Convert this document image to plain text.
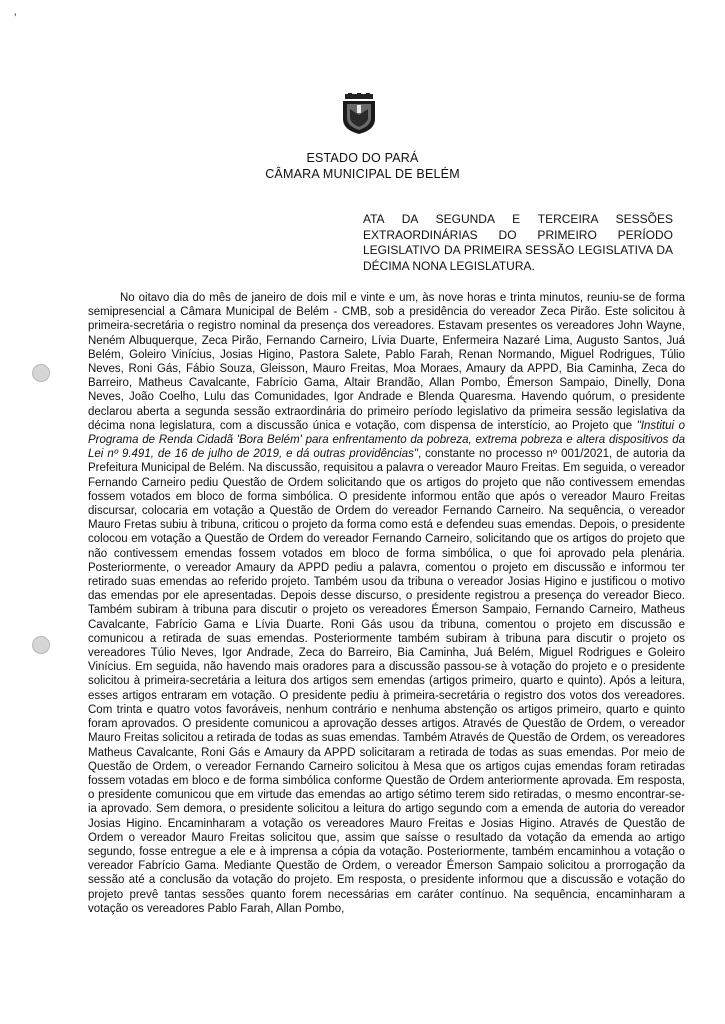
’
ESTADO DO PARÁ
CÂMARA MUNICIPAL DE BELÉM
ATA DA SEGUNDA E TERCEIRA SESSÕES EXTRAORDINÁRIAS DO PRIMEIRO PERÍODO LEGISLATIVO DA PRIMEIRA SESSÃO LEGISLATIVA DA DÉCIMA NONA LEGISLATURA.

No oitavo dia do mês de janeiro de dois mil e vinte e um, às nove horas e trinta minutos, reuniu-se de forma semipresencial a Câmara Municipal de Belém - CMB, sob a presidência do vereador Zeca Pirão. Este solicitou à primeira-secretária o registro nominal da presença dos vereadores. Estavam presentes os vereadores John Wayne, Neném Albuquerque, Zeca Pirão, Fernando Carneiro, Lívia Duarte, Enfermeira Nazaré Lima, Augusto Santos, Juá Belém, Goleiro Vinícius, Josias Higino, Pastora Salete, Pablo Farah, Renan Normando, Miguel Rodrigues, Túlio Neves, Roni Gás, Fábio Souza, Gleisson, Mauro Freitas, Moa Moraes, Amaury da APPD, Bia Caminha, Zeca do Barreiro, Matheus Cavalcante, Fabrício Gama, Altair Brandão, Allan Pombo, Émerson Sampaio, Dinelly, Dona Neves, João Coelho, Lulu das Comunidades, Igor Andrade e Blenda Quaresma. Havendo quórum, o presidente declarou aberta a segunda sessão extraordinária do primeiro período legislativo da primeira sessão legislativa da décima nona legislatura, com a discussão única e votação, com dispensa de interstício, ao Projeto que "Institui o Programa de Renda Cidadã 'Bora Belém' para enfrentamento da pobreza, extrema pobreza e altera dispositivos da Lei nº 9.491, de 16 de julho de 2019, e dá outras providências", constante no processo nº 001/2021, de autoria da Prefeitura Municipal de Belém. Na discussão, requisitou a palavra o vereador Mauro Freitas. Em seguida, o vereador Fernando Carneiro pediu Questão de Ordem solicitando que os artigos do projeto que não contivessem emendas fossem votados em bloco de forma simbólica. O presidente informou então que após o vereador Mauro Freitas discursar, colocaria em votação a Questão de Ordem do vereador Fernando Carneiro. Na sequência, o vereador Mauro Fretas subiu à tribuna, criticou o projeto da forma como está e defendeu suas emendas. Depois, o presidente colocou em votação a Questão de Ordem do vereador Fernando Carneiro, solicitando que os artigos do projeto que não contivessem emendas fossem votados em bloco de forma simbólica, o que foi aprovado pela plenária. Posteriormente, o vereador Amaury da APPD pediu a palavra, comentou o projeto em discussão e informou ter retirado suas emendas ao referido projeto. Também usou da tribuna o vereador Josias Higino e justificou o motivo das emendas por ele apresentadas. Depois desse discurso, o presidente registrou a presença do vereador Bieco. Também subiram à tribuna para discutir o projeto os vereadores Émerson Sampaio, Fernando Carneiro, Matheus Cavalcante, Fabrício Gama e Lívia Duarte. Roni Gás usou da tribuna, comentou o projeto em discussão e comunicou a retirada de suas emendas. Posteriormente também subiram à tribuna para discutir o projeto os vereadores Túlio Neves, Igor Andrade, Zeca do Barreiro, Bia Caminha, Juá Belém, Miguel Rodrigues e Goleiro Vinícius. Em seguida, não havendo mais oradores para a discussão passou-se à votação do projeto e o presidente solicitou à primeira-secretária a leitura dos artigos sem emendas (artigos primeiro, quarto e quinto). Após a leitura, esses artigos entraram em votação. O presidente pediu à primeira-secretária o registro dos votos dos vereadores. Com trinta e quatro votos favoráveis, nenhum contrário e nenhuma abstenção os artigos primeiro, quarto e quinto foram aprovados. O presidente comunicou a aprovação desses artigos. Através de Questão de Ordem, o vereador Mauro Freitas solicitou a retirada de todas as suas emendas. Também Através de Questão de Ordem, os vereadores Matheus Cavalcante, Roni Gás e Amaury da APPD solicitaram a retirada de todas as suas emendas. Por meio de Questão de Ordem, o vereador Fernando Carneiro solicitou à Mesa que os artigos cujas emendas foram retiradas fossem votadas em bloco e de forma simbólica conforme Questão de Ordem anteriormente aprovada. Em resposta, o presidente comunicou que em virtude das emendas ao artigo sétimo terem sido retiradas, o mesmo encontrar-se-ia aprovado. Sem demora, o presidente solicitou a leitura do artigo segundo com a emenda de autoria do vereador Josias Higino. Encaminharam a votação os vereadores Mauro Freitas e Josias Higino. Através de Questão de Ordem o vereador Mauro Freitas solicitou que, assim que saísse o resultado da votação da emenda ao artigo segundo, fosse entregue a ele e à imprensa a cópia da votação. Posteriormente, também encaminhou a votação o vereador Fabrício Gama. Mediante Questão de Ordem, o vereador Émerson Sampaio solicitou a prorrogação da sessão até a conclusão da votação do projeto. Em resposta, o presidente informou que a discussão e votação do projeto prevê tantas sessões quanto forem necessárias em caráter contínuo. Na sequência, encaminharam a votação os vereadores Pablo Farah, Allan Pombo,
